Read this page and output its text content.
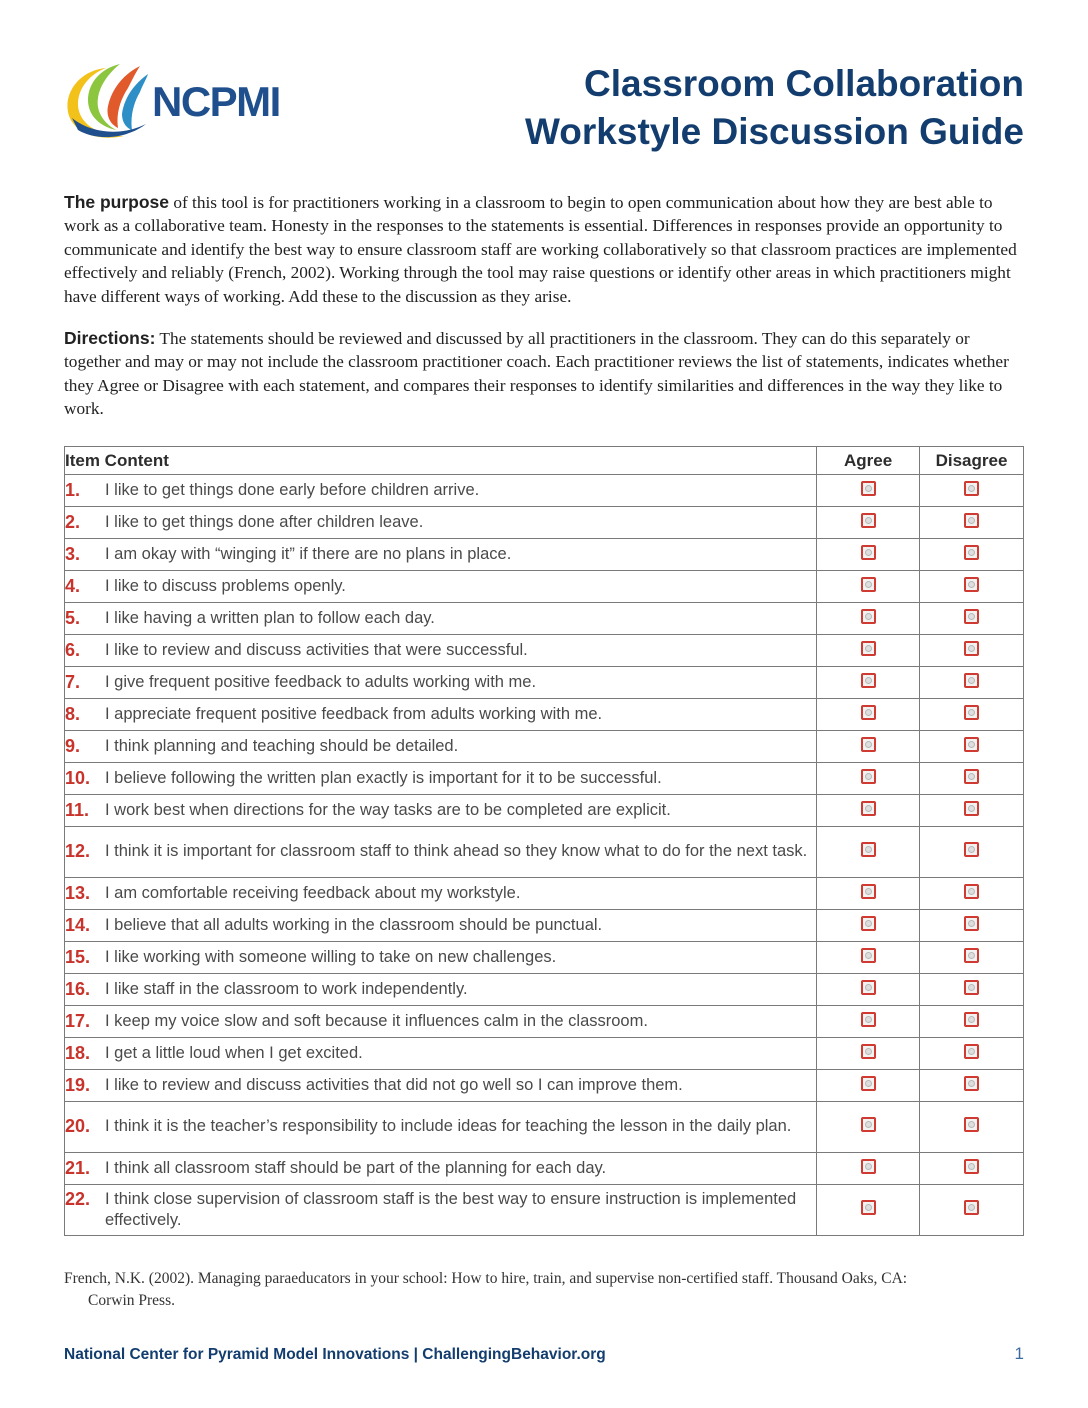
NCPMI	Classroom Collaboration
Workstyle Discussion Guide
The purpose of this tool is for practitioners working in a classroom to begin to open communication about how they are best able to work as a collaborative team. Honesty in the responses to the statements is essential. Differences in responses provide an opportunity to communicate and identify the best way to ensure classroom staff are working collaboratively so that classroom practices are implemented effectively and reliably (French, 2002). Working through the tool may raise questions or identify other areas in which practitioners might have different ways of working. Add these to the discussion as they arise.
Directions: The statements should be reviewed and discussed by all practitioners in the classroom. They can do this separately or together and may or may not include the classroom practitioner coach. Each practitioner reviews the list of statements, indicates whether they Agree or Disagree with each statement, and compares their responses to identify similarities and differences in the way they like to work.
Item Content	Agree	Disagree

1. I like to get things done early before children arrive.		

2. I like to get things done after children leave.		

3. I am okay with “winging it” if there are no plans in place.		

4. I like to discuss problems openly.		

5. I like having a written plan to follow each day.		

6. I like to review and discuss activities that were successful.		

7. I give frequent positive feedback to adults working with me.		

8. I appreciate frequent positive feedback from adults working with me.		

9. I think planning and teaching should be detailed.		

10. I believe following the written plan exactly is important for it to be successful.		

11. I work best when directions for the way tasks are to be completed are explicit.		

12. I think it is important for classroom staff to think ahead so they know what to do for the next task.		

13. I am comfortable receiving feedback about my workstyle.		

14. I believe that all adults working in the classroom should be punctual.		

15. I like working with someone willing to take on new challenges.		

16. I like staff in the classroom to work independently.		

17. I keep my voice slow and soft because it influences calm in the classroom.		

18. I get a little loud when I get excited.		

19. I like to review and discuss activities that did not go well so I can improve them.		

20. I think it is the teacher’s responsibility to include ideas for teaching the lesson in the daily plan.		

21. I think all classroom staff should be part of the planning for each day.		

22. I think close supervision of classroom staff is the best way to ensure instruction is implemented effectively.		

French, N.K. (2002). Managing paraeducators in your school: How to hire, train, and supervise non-certified staff. Thousand Oaks, CA:
Corwin Press.
National Center for Pyramid Model Innovations | ChallengingBehavior.org	1
